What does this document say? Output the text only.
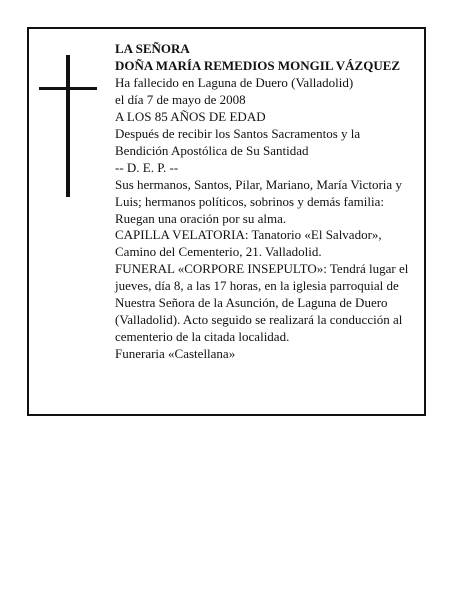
LA SEÑORA
DOÑA MARÍA REMEDIOS MONGIL VÁZQUEZ
Ha fallecido en Laguna de Duero (Valladolid)
el día 7 de mayo de 2008
A LOS 85 AÑOS DE EDAD
Después de recibir los Santos Sacramentos y la
Bendición Apostólica de Su Santidad
-- D. E. P. --
Sus hermanos, Santos, Pilar, Mariano, María Victoria y
Luis; hermanos políticos, sobrinos y demás familia:
Ruegan una oración por su alma.
CAPILLA VELATORIA: Tanatorio «El Salvador»,
Camino del Cementerio, 21. Valladolid.
FUNERAL «CORPORE INSEPULTO»: Tendrá lugar el
jueves, día 8, a las 17 horas, en la iglesia parroquial de
Nuestra Señora de la Asunción, de Laguna de Duero
(Valladolid). Acto seguido se realizará la conducción al
cementerio de la citada localidad.
Funeraria «Castellana»
